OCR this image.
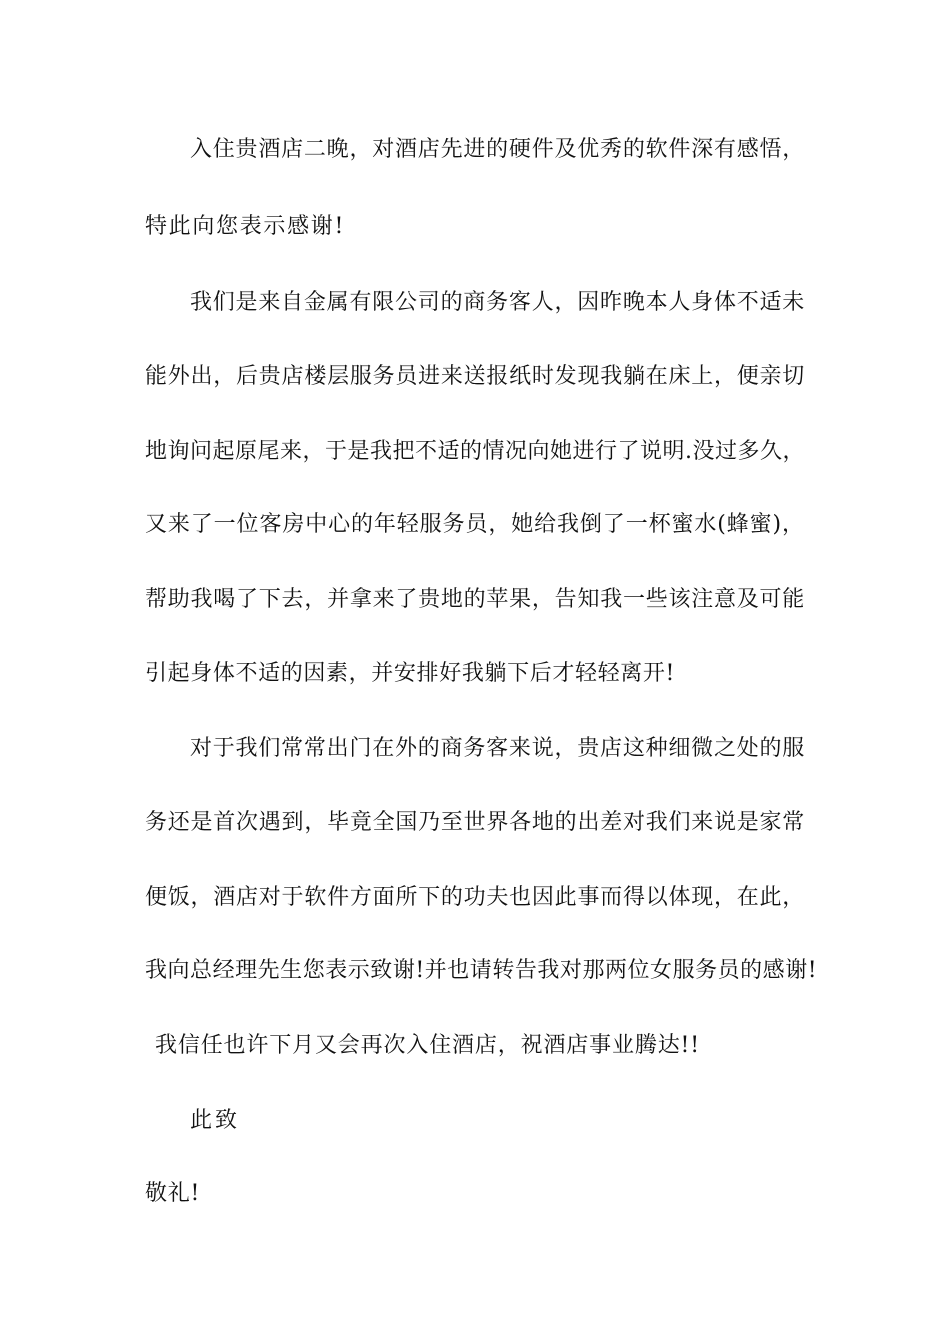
入住贵酒店二晚，对酒店先进的硬件及优秀的软件深有感悟，
特此向您表示感谢!
我们是来自金属有限公司的商务客人，因昨晚本人身体不适未
能外出，后贵店楼层服务员进来送报纸时发现我躺在床上，便亲切
地询问起原尾来，于是我把不适的情况向她进行了说明.没过多久，
又来了一位客房中心的年轻服务员，她给我倒了一杯蜜水(蜂蜜)，
帮助我喝了下去，并拿来了贵地的苹果，告知我一些该注意及可能
引起身体不适的因素，并安排好我躺下后才轻轻离开!
对于我们常常出门在外的商务客来说，贵店这种细微之处的服
务还是首次遇到，毕竟全国乃至世界各地的出差对我们来说是家常
便饭，酒店对于软件方面所下的功夫也因此事而得以体现，在此，
我向总经理先生您表示致谢!并也请转告我对那两位女服务员的感谢!
我信任也许下月又会再次入住酒店，祝酒店事业腾达!!
此致
敬礼!
